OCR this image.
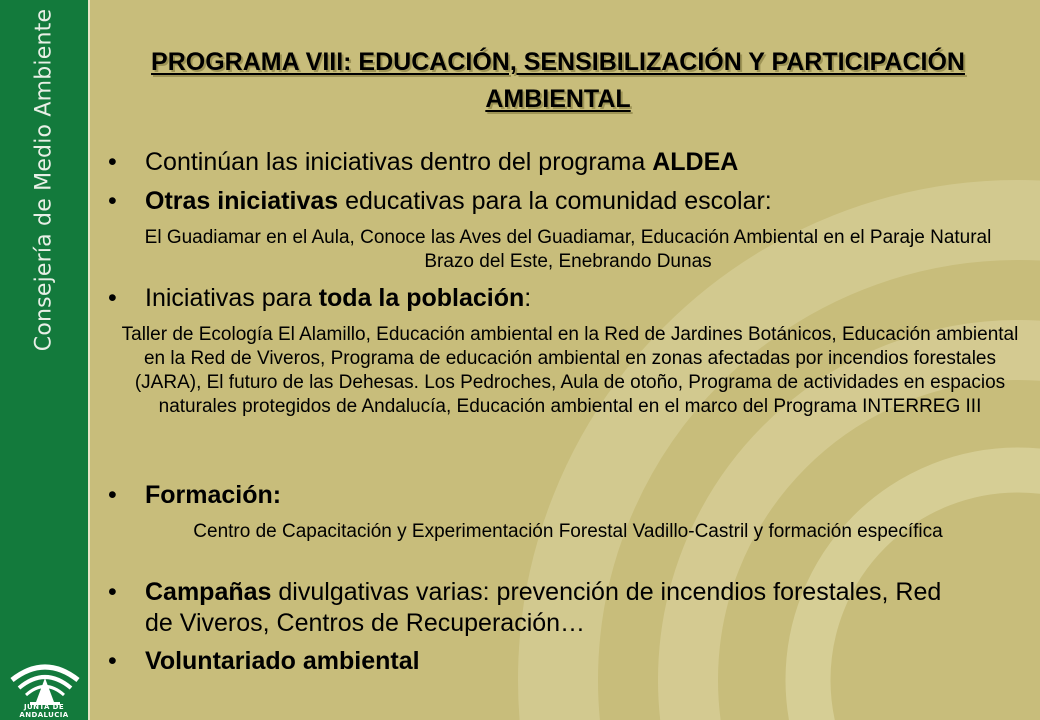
Consejería de Medio Ambiente
JUNTA DE ANDALUCIA
PROGRAMA VIII: EDUCACIÓN, SENSIBILIZACIÓN Y PARTICIPACIÓN AMBIENTAL
•	Continúan las iniciativas dentro del programa ALDEA
•	Otras iniciativas educativas para la comunidad escolar:
El Guadiamar en el Aula, Conoce las Aves del Guadiamar, Educación Ambiental en el Paraje Natural Brazo del Este, Enebrando Dunas
•	Iniciativas para toda la población:
Taller de Ecología El Alamillo, Educación ambiental en la Red de Jardines Botánicos, Educación ambiental en la Red de Viveros, Programa de educación ambiental en zonas afectadas por incendios forestales (JARA), El futuro de las Dehesas. Los Pedroches, Aula de otoño, Programa de actividades en espacios naturales protegidos de Andalucía, Educación ambiental en el marco del Programa INTERREG III
•	Formación:
Centro de Capacitación y Experimentación Forestal Vadillo-Castril y formación específica
•	Campañas divulgativas varias: prevención de incendios forestales, Red de Viveros, Centros de Recuperación…
•	Voluntariado ambiental
